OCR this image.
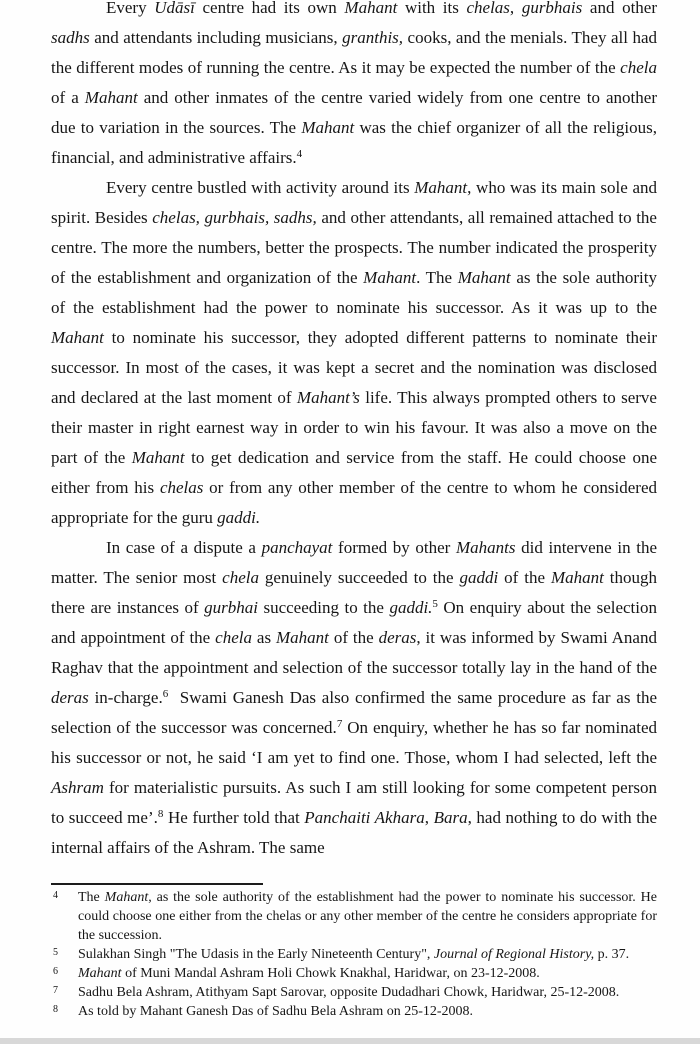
Every Udāsī centre had its own Mahant with its chelas, gurbhais and other sadhs and attendants including musicians, granthis, cooks, and the menials. They all had the different modes of running the centre. As it may be expected the number of the chela of a Mahant and other inmates of the centre varied widely from one centre to another due to variation in the sources. The Mahant was the chief organizer of all the religious, financial, and administrative affairs.$^4$

Every centre bustled with activity around its Mahant, who was its main sole and spirit. Besides chelas, gurbhais, sadhs, and other attendants, all remained attached to the centre. The more the numbers, better the prospects. The number indicated the prosperity of the establishment and organization of the Mahant. The Mahant as the sole authority of the establishment had the power to nominate his successor. As it was up to the Mahant to nominate his successor, they adopted different patterns to nominate their successor. In most of the cases, it was kept a secret and the nomination was disclosed and declared at the last moment of Mahant’s life. This always prompted others to serve their master in right earnest way in order to win his favour. It was also a move on the part of the Mahant to get dedication and service from the staff. He could choose one either from his chelas or from any other member of the centre to whom he considered appropriate for the guru gaddi.

In case of a dispute a panchayat formed by other Mahants did intervene in the matter. The senior most chela genuinely succeeded to the gaddi of the Mahant though there are instances of gurbhai succeeding to the gaddi.$^5$ On enquiry about the selection and appointment of the chela as Mahant of the deras, it was informed by Swami Anand Raghav that the appointment and selection of the successor totally lay in the hand of the deras in-charge.$^6$  Swami Ganesh Das also confirmed the same procedure as far as the selection of the successor was concerned.$^7$ On enquiry, whether he has so far nominated his successor or not, he said ‘I am yet to find one. Those, whom I had selected, left the Ashram for materialistic pursuits. As such I am still looking for some competent person to succeed me’.$^8$ He further told that Panchaiti Akhara, Bara, had nothing to do with the internal affairs of the Ashram. The same

4	The Mahant, as the sole authority of the establishment had the power to nominate his successor. He could choose one either from the chelas or any other member of the centre he considers appropriate for the succession.
5	Sulakhan Singh "The Udasis in the Early Nineteenth Century", Journal of Regional History, p. 37.
6	Mahant of Muni Mandal Ashram Holi Chowk Knakhal, Haridwar, on 23-12-2008.
7	Sadhu Bela Ashram, Atithyam Sapt Sarovar, opposite Dudadhari Chowk, Haridwar, 25-12-2008.
8	As told by Mahant Ganesh Das of Sadhu Bela Ashram on 25-12-2008.
